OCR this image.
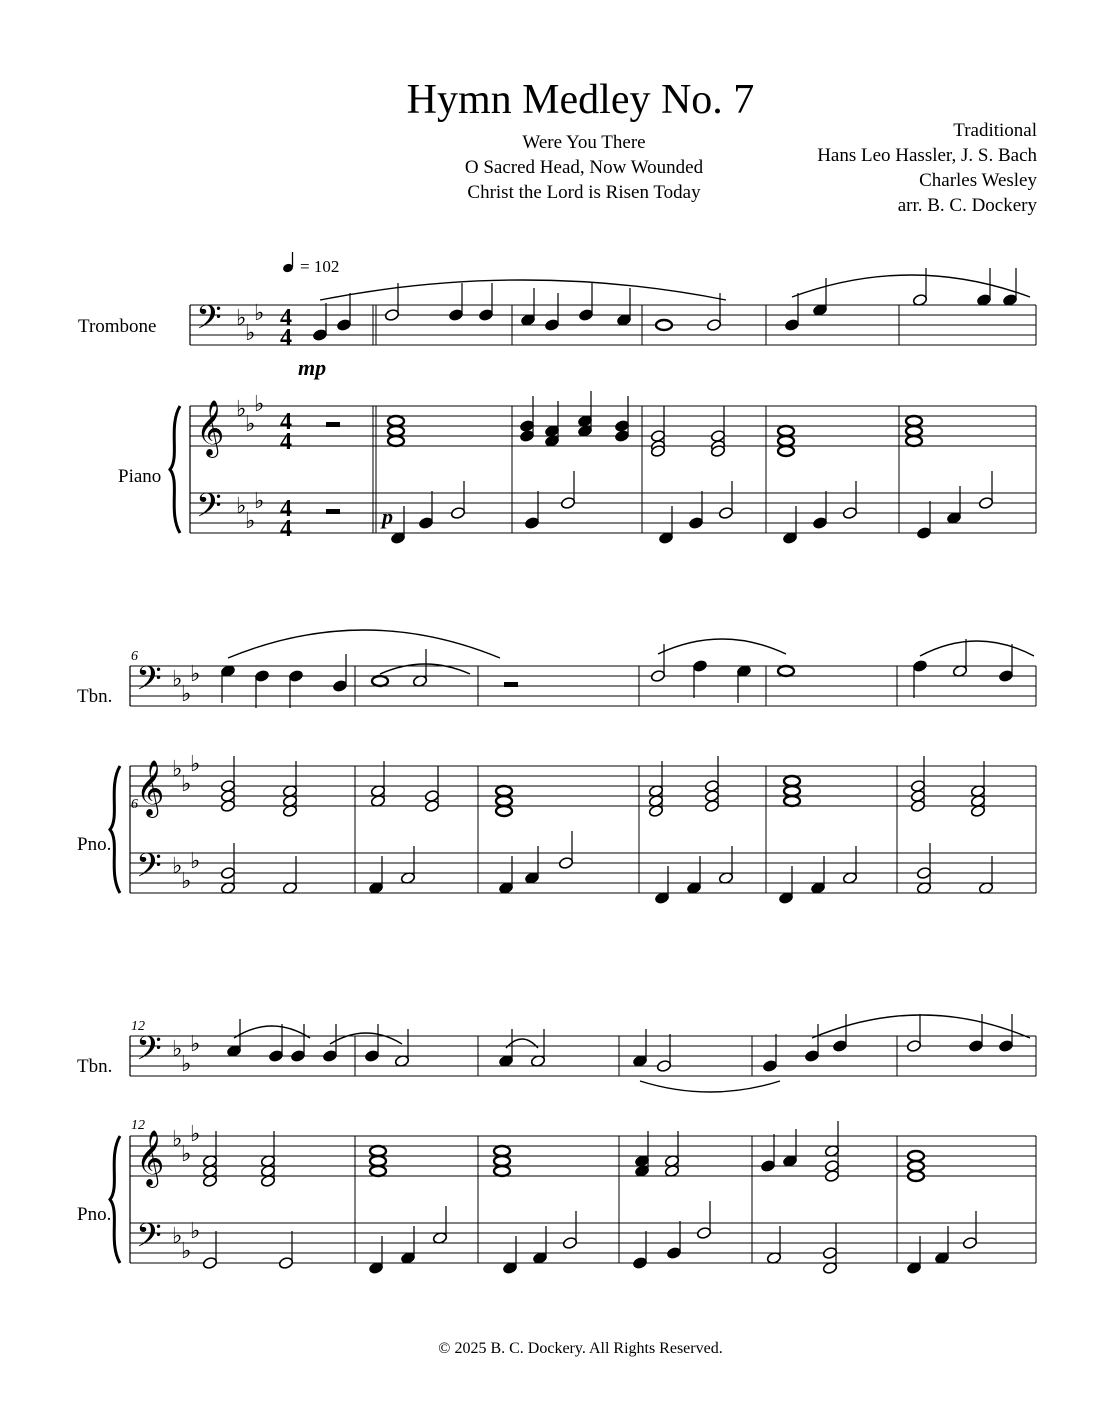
Hymn Medley No. 7
Were You There
O Sacred Head, Now Wounded
Christ the Lord is Risen Today
Traditional
Hans Leo Hassler, J. S. Bach
Charles Wesley
arr. B. C. Dockery
= 102
Trombone
Piano
Tbn.
Pno.
Tbn.
Pno.
6
6
12
12
mp
p
4
4
4
4
4
4
𝄢
𝄞
𝄢
♭
♭
♭
♭
♭
♭
♭
♭
♭
𝄢
𝄞
𝄢
♭
♭
♭
♭
♭
♭
♭
♭
♭
𝄢
𝄞
𝄢
♭
♭
♭
♭
♭
♭
♭
♭
♭
© 2025 B. C. Dockery. All Rights Reserved.
